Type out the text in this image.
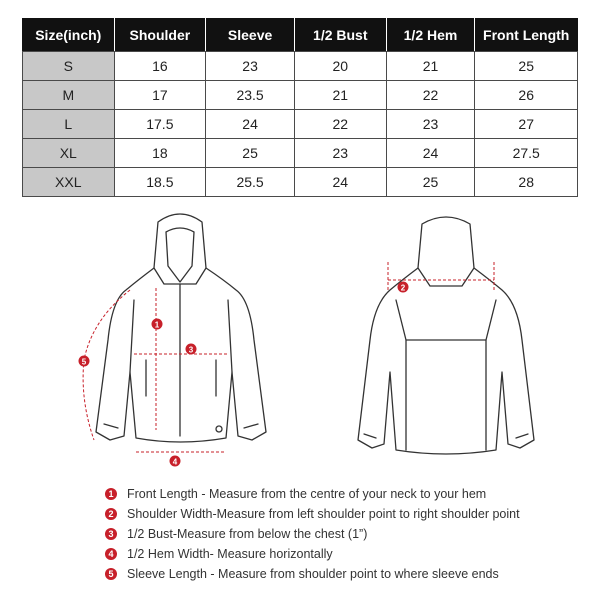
Size(inch)	Shoulder	Sleeve	1/2 Bust	1/2 Hem	Front Length
S	16	23	20	21	25
M	17	23.5	21	22	26
L	17.5	24	22	23	27
XL	18	25	23	24	27.5
XXL	18.5	25.5	24	25	28
1
2
3
4
5
1 Front Length - Measure from the centre of your neck to your hem
2 Shoulder Width-Measure from left shoulder point to right shoulder point
3 1/2 Bust-Measure from below the chest (1”)
4 1/2 Hem Width- Measure horizontally
5 Sleeve Length - Measure from shoulder point to where sleeve ends
